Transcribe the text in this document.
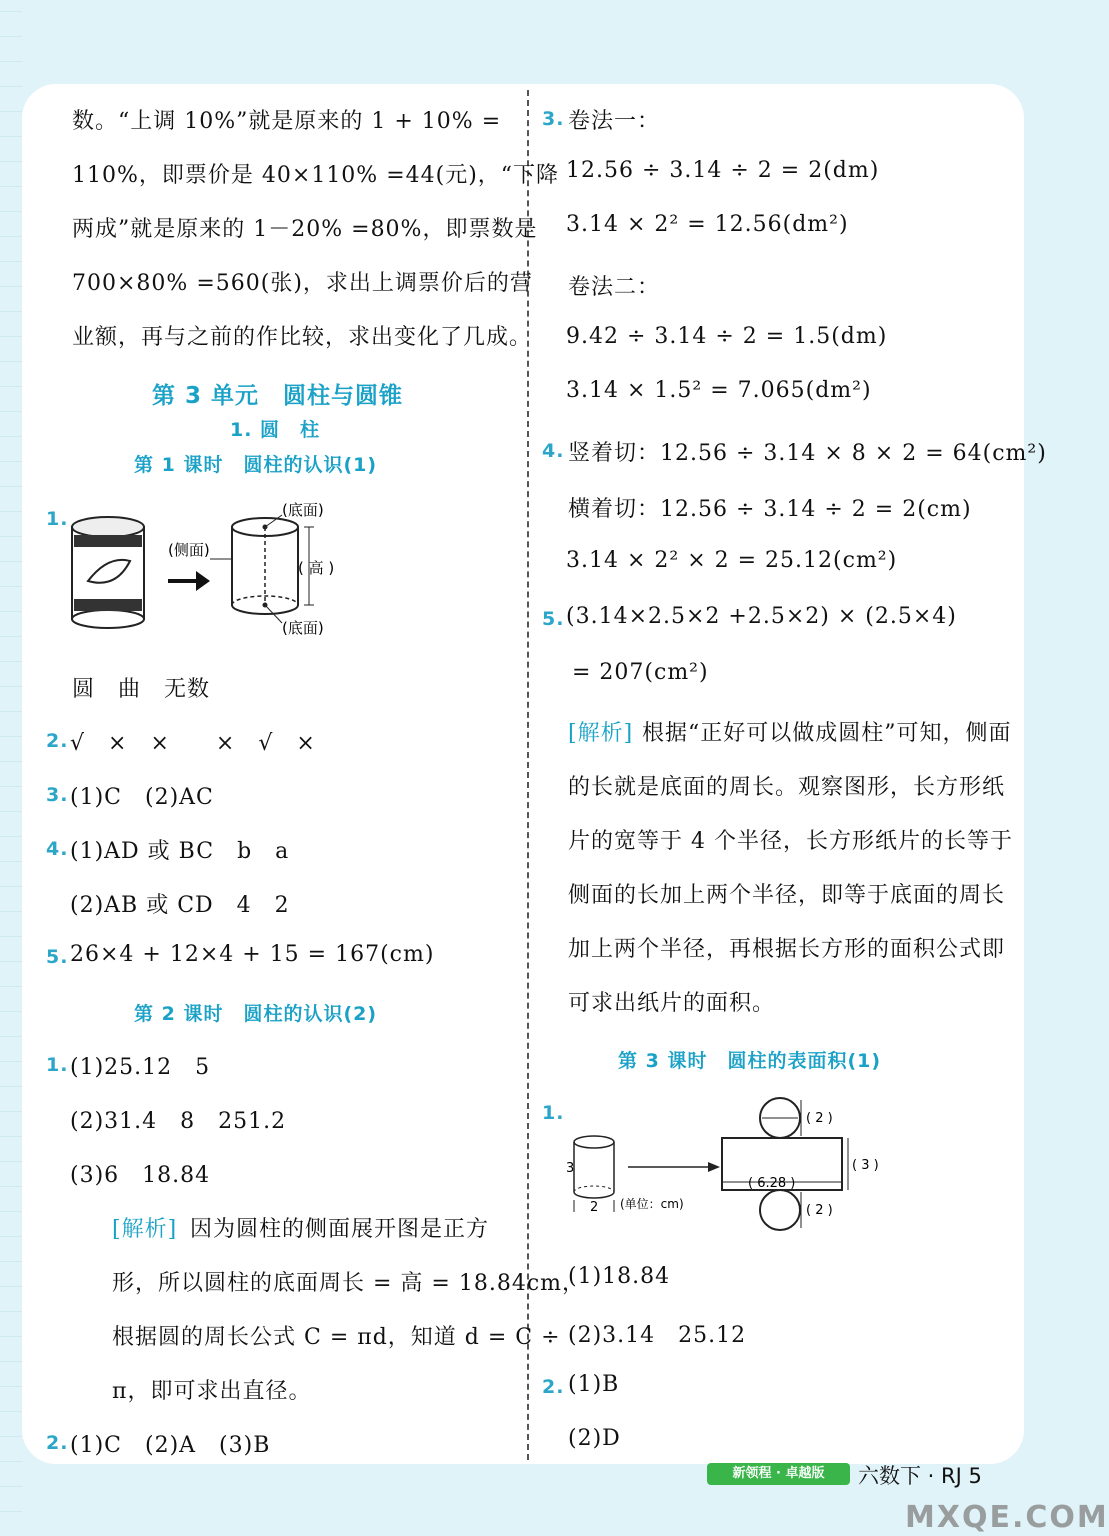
数。“上调 10%”就是原来的 1 + 10% =
110%，即票价是 40×110% =44(元)，“下降
两成”就是原来的 1－20% =80%，即票数是
700×80% =560(张)，求出上调票价后的营
业额，再与之前的作比较，求出变化了几成。
第 3 单元　圆柱与圆锥
1. 圆　柱
第 1 课时　圆柱的认识(1)
1.
(侧面)
(底面)
( 高 )
(底面)
圆　曲　无数
2. √　×　×　　×　√　×
3. (1)C　(2)AC
4. (1)AD 或 BC　b　a
(2)AB 或 CD　4　2
5. 26×4 + 12×4 + 15 = 167(cm)
第 2 课时　圆柱的认识(2)
1. (1)25.12　5
(2)31.4　8　251.2
(3)6　18.84
[解析] 因为圆柱的侧面展开图是正方
形，所以圆柱的底面周长 = 高 = 18.84cm，
根据圆的周长公式 C = πd，知道 d = C ÷
π，即可求出直径。
2. (1)C　(2)A　(3)B
3. 卷法一：
12.56 ÷ 3.14 ÷ 2 = 2(dm)
3.14 × 2² = 12.56(dm²)
卷法二：
9.42 ÷ 3.14 ÷ 2 = 1.5(dm)
3.14 × 1.5² = 7.065(dm²)
4. 竖着切：12.56 ÷ 3.14 × 8 × 2 = 64(cm²)
横着切：12.56 ÷ 3.14 ÷ 2 = 2(cm)
3.14 × 2² × 2 = 25.12(cm²)
5. (3.14×2.5×2 +2.5×2) × (2.5×4)
= 207(cm²)
[解析] 根据“正好可以做成圆柱”可知，侧面
的长就是底面的周长。观察图形，长方形纸
片的宽等于 4 个半径，长方形纸片的长等于
侧面的长加上两个半径，即等于底面的周长
加上两个半径，再根据长方形的面积公式即
可求出纸片的面积。
第 3 课时　圆柱的表面积(1)
1.
3
2 (单位：cm)
( 6.28 )
( 3 )
( 2 )
( 2 )
(1)18.84
(2)3.14　25.12
2. (1)B
(2)D
新领程 · 卓越版	六数下 · RJ 5
MXQE.COM
